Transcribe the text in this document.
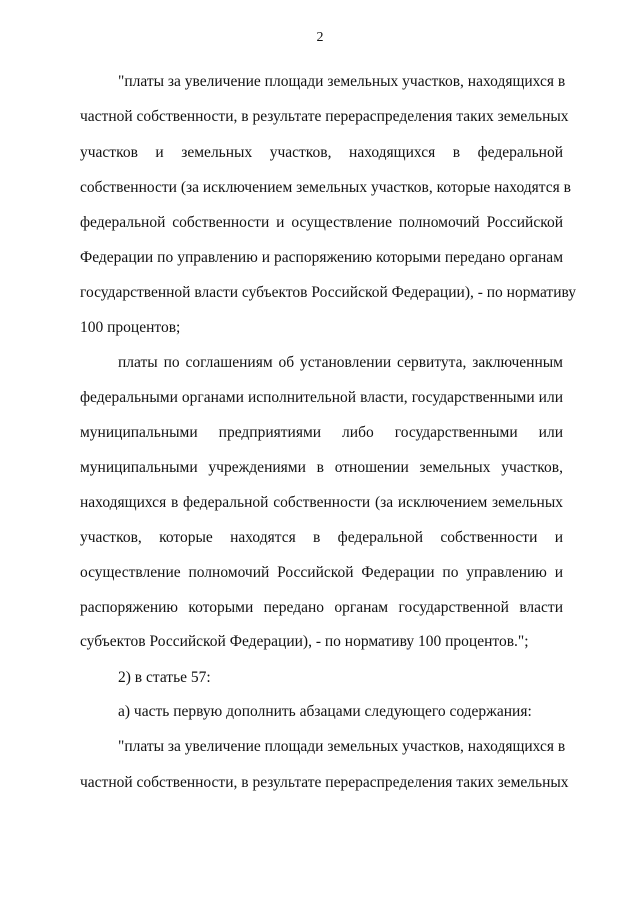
2
"платы за увеличение площади земельных участков, находящихся в
частной собственности, в результате перераспределения таких земельных
участков и земельных участков, находящихся в федеральной
собственности (за исключением земельных участков, которые находятся в
федеральной собственности и осуществление полномочий Российской
Федерации по управлению и распоряжению которыми передано органам
государственной власти субъектов Российской Федерации), - по нормативу
100 процентов;
платы по соглашениям об установлении сервитута, заключенным
федеральными органами исполнительной власти, государственными или
муниципальными предприятиями либо государственными или
муниципальными учреждениями в отношении земельных участков,
находящихся в федеральной собственности (за исключением земельных
участков, которые находятся в федеральной собственности и
осуществление полномочий Российской Федерации по управлению и
распоряжению которыми передано органам государственной власти
субъектов Российской Федерации), - по нормативу 100 процентов.";
2) в статье 57:
а) часть первую дополнить абзацами следующего содержания:
"платы за увеличение площади земельных участков, находящихся в
частной собственности, в результате перераспределения таких земельных
